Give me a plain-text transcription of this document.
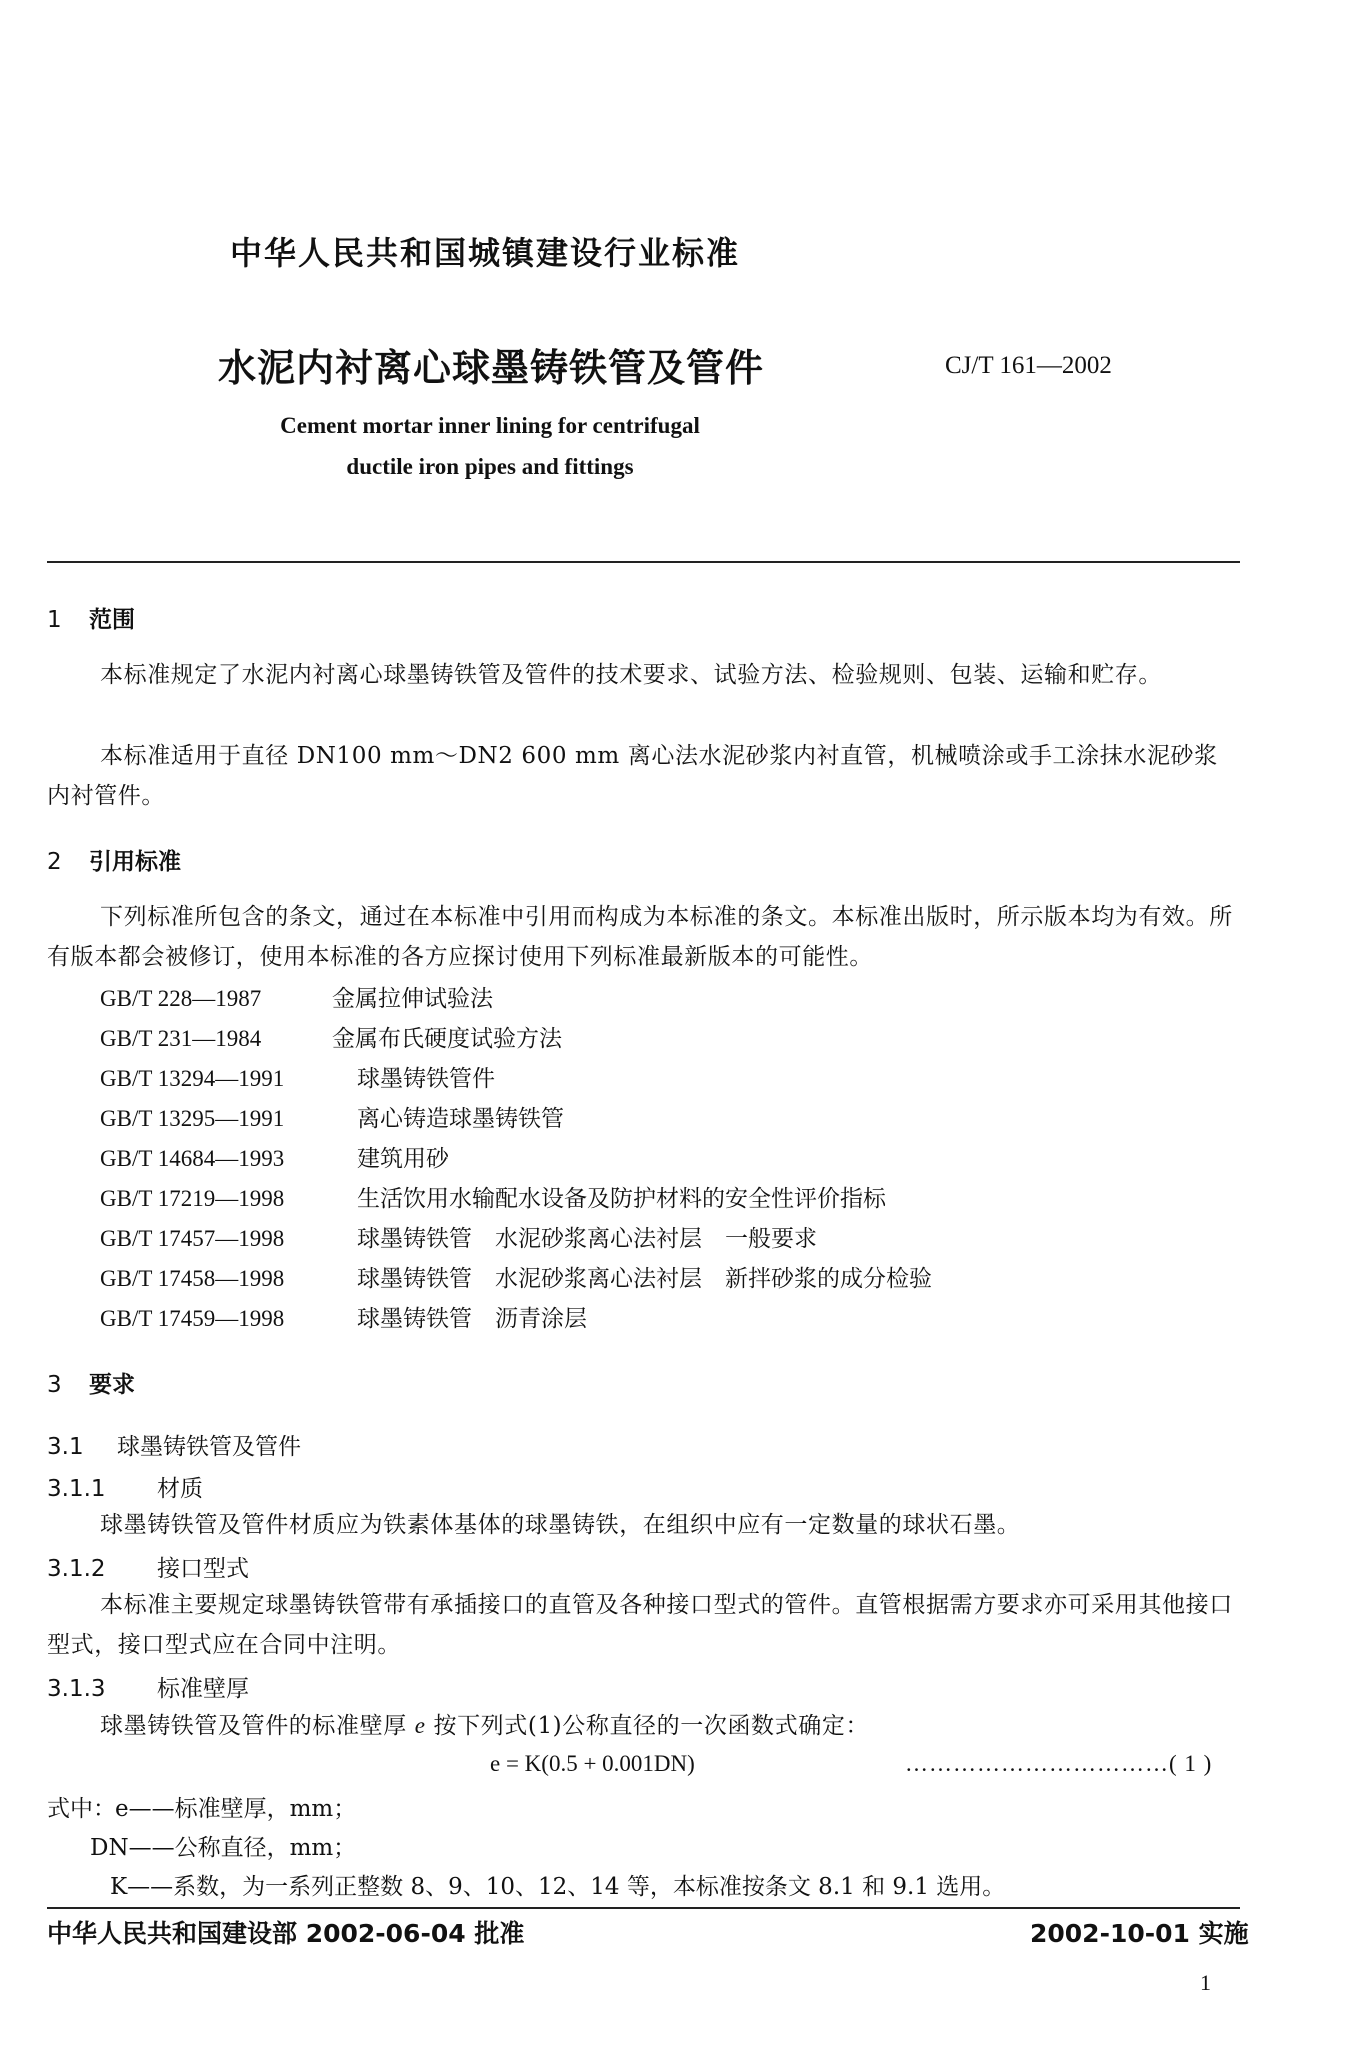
中华人民共和国城镇建设行业标准
水泥内衬离心球墨铸铁管及管件	CJ/T 161—2002
Cement mortar inner lining for centrifugal
ductile iron pipes and fittings
1 范围
本标准规定了水泥内衬离心球墨铸铁管及管件的技术要求、试验方法、检验规则、包装、运输和贮存。
本标准适用于直径 DN100 mm～DN2 600 mm 离心法水泥砂浆内衬直管，机械喷涂或手工涂抹水泥砂浆内衬管件。
2 引用标准
下列标准所包含的条文，通过在本标准中引用而构成为本标准的条文。本标准出版时，所示版本均为有效。所有版本都会被修订，使用本标准的各方应探讨使用下列标准最新版本的可能性。
GB/T 228—1987	金属拉伸试验法
GB/T 231—1984	金属布氏硬度试验方法
GB/T 13294—1991	球墨铸铁管件
GB/T 13295—1991	离心铸造球墨铸铁管
GB/T 14684—1993	建筑用砂
GB/T 17219—1998	生活饮用水输配水设备及防护材料的安全性评价指标
GB/T 17457—1998	球墨铸铁管　水泥砂浆离心法衬层　一般要求
GB/T 17458—1998	球墨铸铁管　水泥砂浆离心法衬层　新拌砂浆的成分检验
GB/T 17459—1998	球墨铸铁管　沥青涂层
3 要求
3.1 球墨铸铁管及管件
3.1.1 材质
球墨铸铁管及管件材质应为铁素体基体的球墨铸铁，在组织中应有一定数量的球状石墨。
3.1.2 接口型式
本标准主要规定球墨铸铁管带有承插接口的直管及各种接口型式的管件。直管根据需方要求亦可采用其他接口型式，接口型式应在合同中注明。
3.1.3 标准壁厚
球墨铸铁管及管件的标准壁厚 e 按下列式(1)公称直径的一次函数式确定：
e = K(0.5 + 0.001DN)	……………………………( 1 )
式中： e——标准壁厚，mm；
DN——公称直径，mm；
K——系数，为一系列正整数 8、9、10、12、14 等，本标准按条文 8.1 和 9.1 选用。
中华人民共和国建设部 2002-06-04 批准	2002-10-01 实施
1
